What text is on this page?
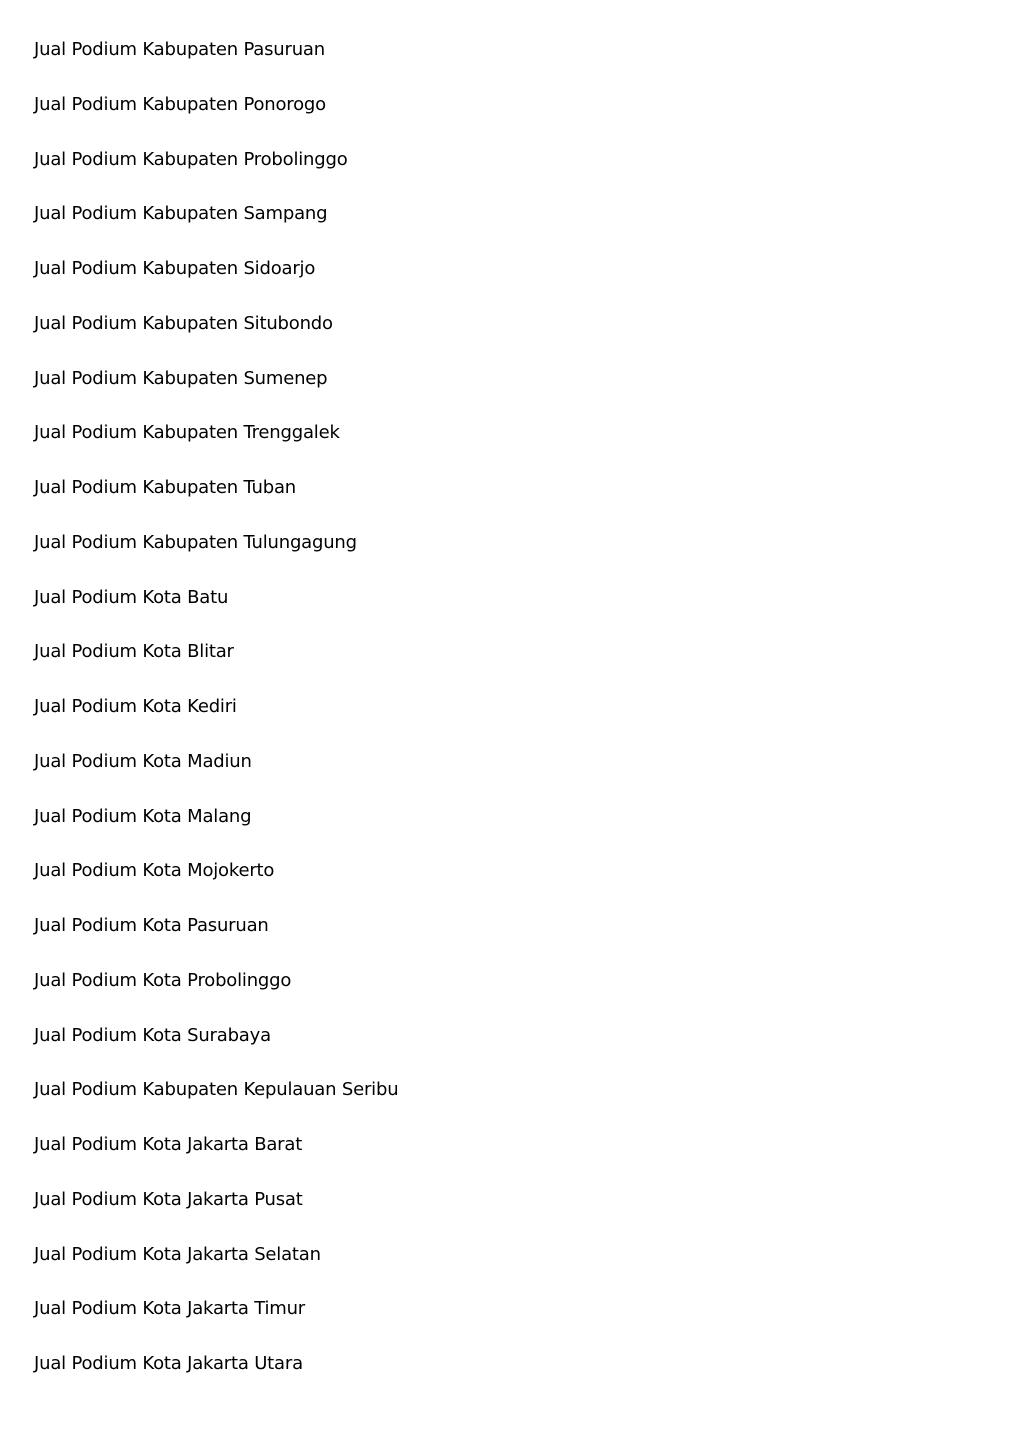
Jual Podium Kabupaten Pasuruan
Jual Podium Kabupaten Ponorogo
Jual Podium Kabupaten Probolinggo
Jual Podium Kabupaten Sampang
Jual Podium Kabupaten Sidoarjo
Jual Podium Kabupaten Situbondo
Jual Podium Kabupaten Sumenep
Jual Podium Kabupaten Trenggalek
Jual Podium Kabupaten Tuban
Jual Podium Kabupaten Tulungagung
Jual Podium Kota Batu
Jual Podium Kota Blitar
Jual Podium Kota Kediri
Jual Podium Kota Madiun
Jual Podium Kota Malang
Jual Podium Kota Mojokerto
Jual Podium Kota Pasuruan
Jual Podium Kota Probolinggo
Jual Podium Kota Surabaya
Jual Podium Kabupaten Kepulauan Seribu
Jual Podium Kota Jakarta Barat
Jual Podium Kota Jakarta Pusat
Jual Podium Kota Jakarta Selatan
Jual Podium Kota Jakarta Timur
Jual Podium Kota Jakarta Utara
